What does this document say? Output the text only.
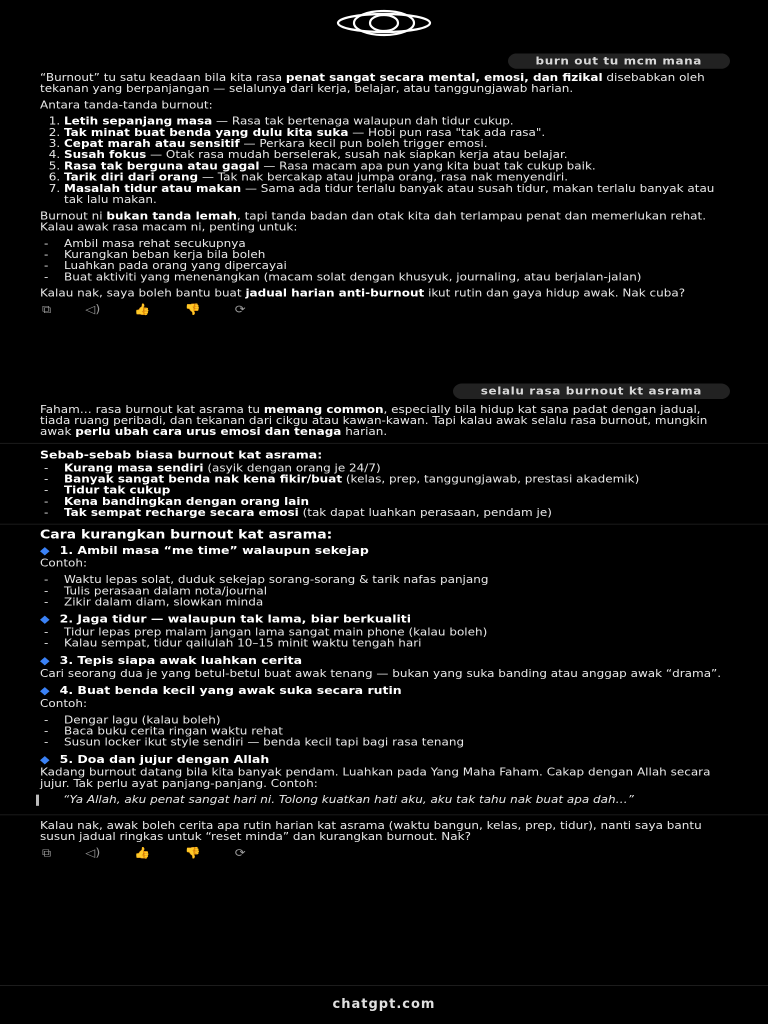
burn out tu mcm mana

“Burnout” tu satu keadaan bila kita rasa penat sangat secara mental, emosi, dan fizikal disebabkan oleh tekanan yang berpanjangan — selalunya dari kerja, belajar, atau tanggungjawab harian.

Antara tanda-tanda burnout:

1. Letih sepanjang masa — Rasa tak bertenaga walaupun dah tidur cukup.
2. Tak minat buat benda yang dulu kita suka — Hobi pun rasa "tak ada rasa".
3. Cepat marah atau sensitif — Perkara kecil pun boleh trigger emosi.
4. Susah fokus — Otak rasa mudah berselerak, susah nak siapkan kerja atau belajar.
5. Rasa tak berguna atau gagal — Rasa macam apa pun yang kita buat tak cukup baik.
6. Tarik diri dari orang — Tak nak bercakap atau jumpa orang, rasa nak menyendiri.
7. Masalah tidur atau makan — Sama ada tidur terlalu banyak atau susah tidur, makan terlalu banyak atau tak lalu makan.

Burnout ni bukan tanda lemah, tapi tanda badan dan otak kita dah terlampau penat dan memerlukan rehat. Kalau awak rasa macam ni, penting untuk:

- Ambil masa rehat secukupnya
- Kurangkan beban kerja bila boleh
- Luahkan pada orang yang dipercayai
- Buat aktiviti yang menenangkan (macam solat dengan khusyuk, journaling, atau berjalan-jalan)

Kalau nak, saya boleh bantu buat jadual harian anti-burnout ikut rutin dan gaya hidup awak. Nak cuba?

⧉	◁)	👍	👎	⟳
selalu rasa burnout kt asrama

Faham… rasa burnout kat asrama tu memang common, especially bila hidup kat sana padat dengan jadual, tiada ruang peribadi, dan tekanan dari cikgu atau kawan-kawan. Tapi kalau awak selalu rasa burnout, mungkin awak perlu ubah cara urus emosi dan tenaga harian.

Sebab-sebab biasa burnout kat asrama:
- Kurang masa sendiri (asyik dengan orang je 24/7)
- Banyak sangat benda nak kena fikir/buat (kelas, prep, tanggungjawab, prestasi akademik)
- Tidur tak cukup
- Kena bandingkan dengan orang lain
- Tak sempat recharge secara emosi (tak dapat luahkan perasaan, pendam je)
Cara kurangkan burnout kat asrama:
◆ 1. Ambil masa “me time” walaupun sekejap

Contoh:

- Waktu lepas solat, duduk sekejap sorang-sorang & tarik nafas panjang
- Tulis perasaan dalam nota/journal
- Zikir dalam diam, slowkan minda
◆ 2. Jaga tidur — walaupun tak lama, biar berkualiti
- Tidur lepas prep malam jangan lama sangat main phone (kalau boleh)
- Kalau sempat, tidur qailulah 10–15 minit waktu tengah hari
◆ 3. Tepis siapa awak luahkan cerita

Cari seorang dua je yang betul-betul buat awak tenang — bukan yang suka banding atau anggap awak “drama”.

◆ 4. Buat benda kecil yang awak suka secara rutin

Contoh:

- Dengar lagu (kalau boleh)
- Baca buku cerita ringan waktu rehat
- Susun locker ikut style sendiri — benda kecil tapi bagi rasa tenang
◆ 5. Doa dan jujur dengan Allah

Kadang burnout datang bila kita banyak pendam. Luahkan pada Yang Maha Faham. Cakap dengan Allah secara jujur. Tak perlu ayat panjang-panjang. Contoh:

“Ya Allah, aku penat sangat hari ni. Tolong kuatkan hati aku, aku tak tahu nak buat apa dah…”

Kalau nak, awak boleh cerita apa rutin harian kat asrama (waktu bangun, kelas, prep, tidur), nanti saya bantu susun jadual ringkas untuk “reset minda” dan kurangkan burnout. Nak?

⧉	◁)	👍	👎	⟳
chatgpt.com
